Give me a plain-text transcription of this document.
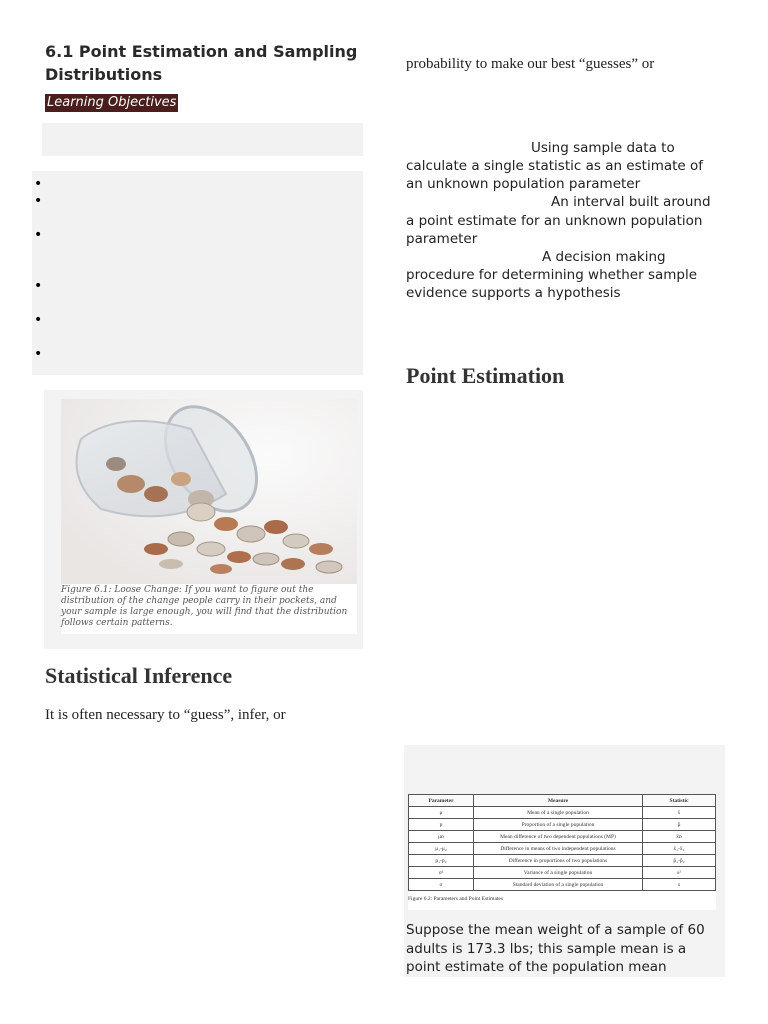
6.1 Point Estimation and Sampling Distributions
Learning Objectives
•
•
•
•
•
•
Figure 6.1: Loose Change: If you want to figure out the distribution of the change people carry in their pockets, and your sample is large enough, you will find that the distribution follows certain patterns.
Statistical Inference
It is often necessary to “guess”, infer, or
probability to make our best “guesses” or
Using sample data to
calculate a single statistic as an estimate of
an unknown population parameter
An interval built around
a point estimate for an unknown population
parameter
A decision making
procedure for determining whether sample
evidence supports a hypothesis
Point Estimation
Parameter	Measure	Statistic
μ	Mean of a single population	x̄
p	Proportion of a single population	p̂
μᴅ	Mean difference of two dependent populations (MP)	x̄ᴅ
μ₁-μ₂	Difference in means of two independent populations	x̄₁-x̄₂
p₁-p₂	Difference in proportions of two populations	p̂₁-p̂₂
σ²	Variance of a single population	s²
σ	Standard deviation of a single population	s
Figure 6.2: Parameters and Point Estimates
Suppose the mean weight of a sample of 60 adults is 173.3 lbs; this sample mean is a point estimate of the population mean
